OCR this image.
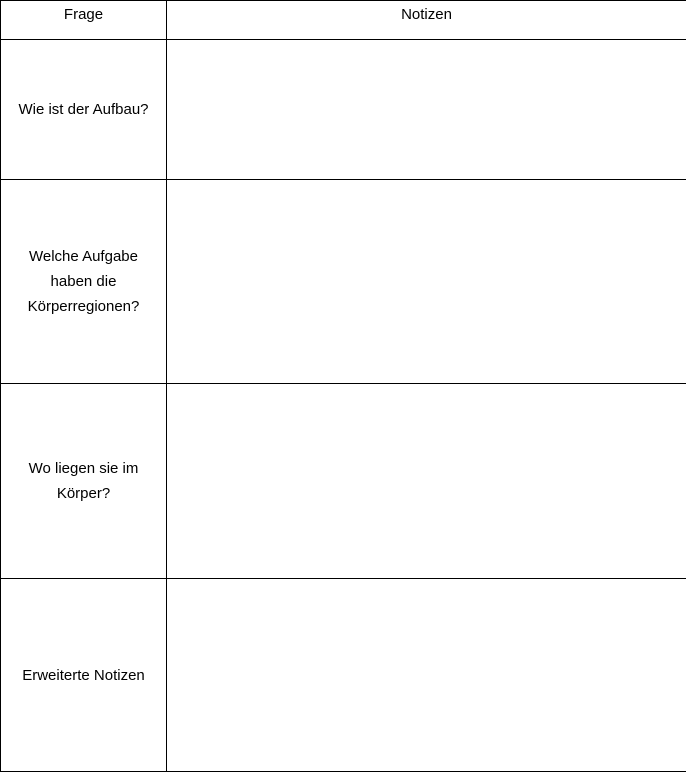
Frage	Notizen
Wie ist der Aufbau?	
Welche Aufgabe haben die Körperregionen?	
Wo liegen sie im Körper?	
Erweiterte Notizen	
